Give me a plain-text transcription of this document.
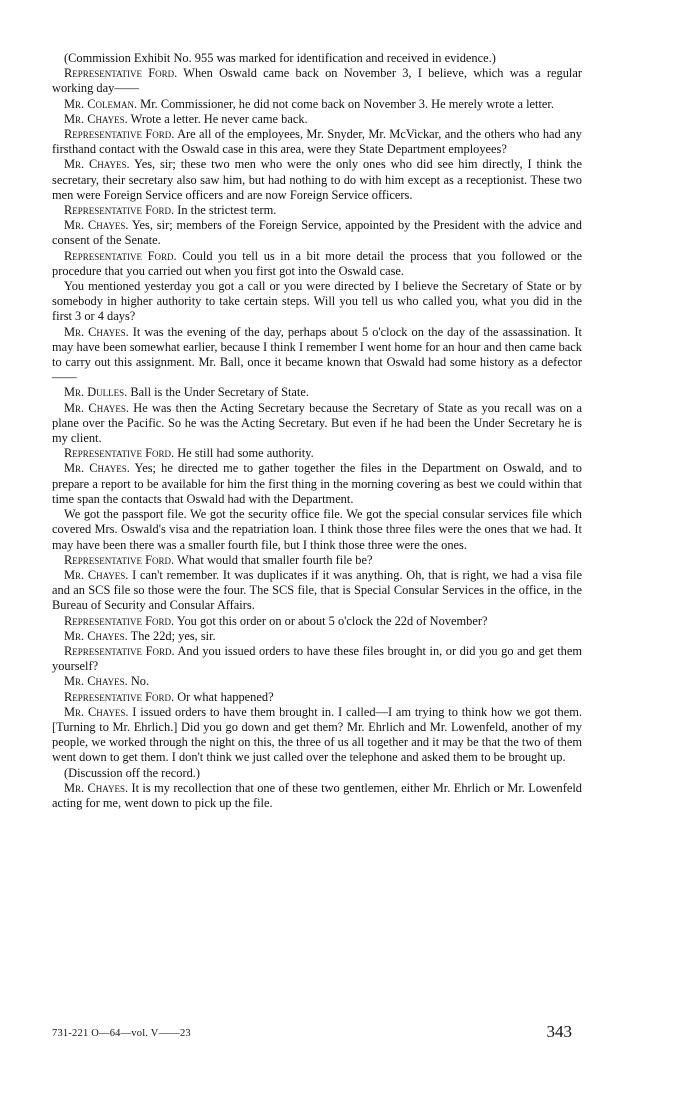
(Commission Exhibit No. 955 was marked for identification and received in evidence.)

Representative Ford. When Oswald came back on November 3, I believe, which was a regular working day——

Mr. Coleman. Mr. Commissioner, he did not come back on November 3. He merely wrote a letter.

Mr. Chayes. Wrote a letter. He never came back.

Representative Ford. Are all of the employees, Mr. Snyder, Mr. McVickar, and the others who had any firsthand contact with the Oswald case in this area, were they State Department employees?

Mr. Chayes. Yes, sir; these two men who were the only ones who did see him directly, I think the secretary, their secretary also saw him, but had nothing to do with him except as a receptionist. These two men were Foreign Service officers and are now Foreign Service officers.

Representative Ford. In the strictest term.

Mr. Chayes. Yes, sir; members of the Foreign Service, appointed by the President with the advice and consent of the Senate.

Representative Ford. Could you tell us in a bit more detail the process that you followed or the procedure that you carried out when you first got into the Oswald case.

You mentioned yesterday you got a call or you were directed by I believe the Secretary of State or by somebody in higher authority to take certain steps. Will you tell us who called you, what you did in the first 3 or 4 days?

Mr. Chayes. It was the evening of the day, perhaps about 5 o'clock on the day of the assassination. It may have been somewhat earlier, because I think I remember I went home for an hour and then came back to carry out this assignment. Mr. Ball, once it became known that Oswald had some history as a defector——

Mr. Dulles. Ball is the Under Secretary of State.

Mr. Chayes. He was then the Acting Secretary because the Secretary of State as you recall was on a plane over the Pacific. So he was the Acting Secretary. But even if he had been the Under Secretary he is my client.

Representative Ford. He still had some authority.

Mr. Chayes. Yes; he directed me to gather together the files in the Department on Oswald, and to prepare a report to be available for him the first thing in the morning covering as best we could within that time span the contacts that Oswald had with the Department.

We got the passport file. We got the security office file. We got the special consular services file which covered Mrs. Oswald's visa and the repatriation loan. I think those three files were the ones that we had. It may have been there was a smaller fourth file, but I think those three were the ones.

Representative Ford. What would that smaller fourth file be?

Mr. Chayes. I can't remember. It was duplicates if it was anything. Oh, that is right, we had a visa file and an SCS file so those were the four. The SCS file, that is Special Consular Services in the office, in the Bureau of Security and Consular Affairs.

Representative Ford. You got this order on or about 5 o'clock the 22d of November?

Mr. Chayes. The 22d; yes, sir.

Representative Ford. And you issued orders to have these files brought in, or did you go and get them yourself?

Mr. Chayes. No.

Representative Ford. Or what happened?

Mr. Chayes. I issued orders to have them brought in. I called—I am trying to think how we got them. [Turning to Mr. Ehrlich.] Did you go down and get them? Mr. Ehrlich and Mr. Lowenfeld, another of my people, we worked through the night on this, the three of us all together and it may be that the two of them went down to get them. I don't think we just called over the telephone and asked them to be brought up.

(Discussion off the record.)

Mr. Chayes. It is my recollection that one of these two gentlemen, either Mr. Ehrlich or Mr. Lowenfeld acting for me, went down to pick up the file.

731-221 O—64—vol. V——23	343
